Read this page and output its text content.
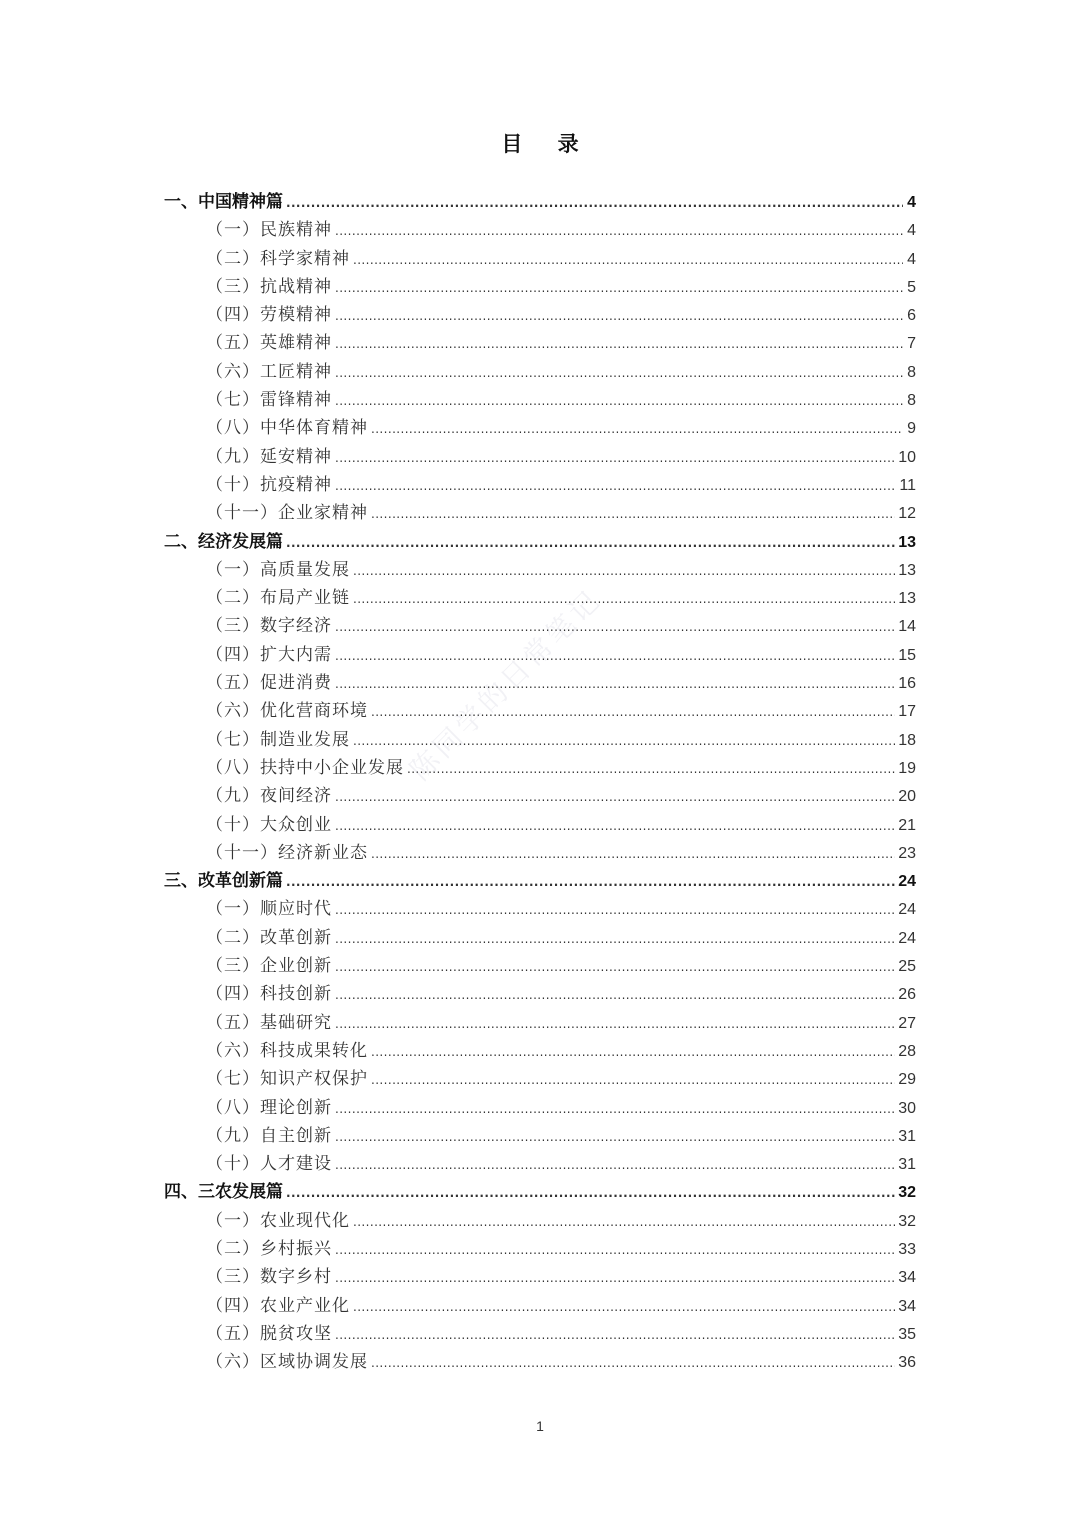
目 录
一、中国精神篇 .....	4
（一）民族精神 .....	4
（二）科学家精神 .....	4
（三）抗战精神 .....	5
（四）劳模精神 .....	6
（五）英雄精神 .....	7
（六）工匠精神 .....	8
（七）雷锋精神 .....	8
（八）中华体育精神 .....	9
（九）延安精神 .....	10
（十）抗疫精神 .....	11
（十一）企业家精神 .....	12
二、经济发展篇 .....	13
（一）高质量发展 .....	13
（二）布局产业链 .....	13
（三）数字经济 .....	14
（四）扩大内需 .....	15
（五）促进消费 .....	16
（六）优化营商环境 .....	17
（七）制造业发展 .....	18
（八）扶持中小企业发展 .....	19
（九）夜间经济 .....	20
（十）大众创业 .....	21
（十一）经济新业态 .....	23
三、改革创新篇 .....	24
（一）顺应时代 .....	24
（二）改革创新 .....	24
（三）企业创新 .....	25
（四）科技创新 .....	26
（五）基础研究 .....	27
（六）科技成果转化 .....	28
（七）知识产权保护 .....	29
（八）理论创新 .....	30
（九）自主创新 .....	31
（十）人才建设 .....	31
四、三农发展篇 .....	32
（一）农业现代化 .....	32
（二）乡村振兴 .....	33
（三）数字乡村 .....	34
（四）农业产业化 .....	34
（五）脱贫攻坚 .....	35
（六）区域协调发展 .....	36
陈同学的日常笔记
1
